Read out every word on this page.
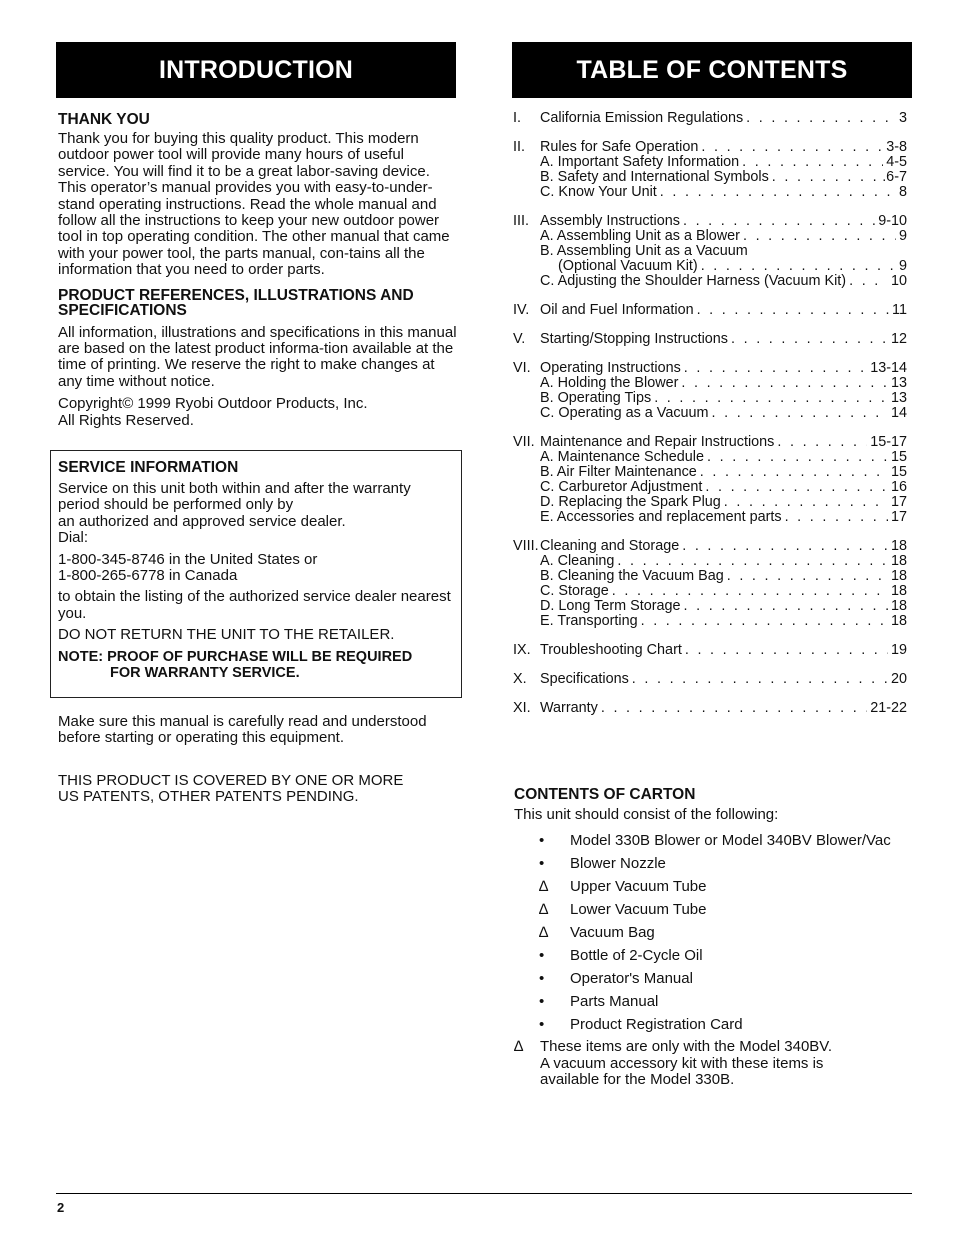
INTRODUCTION	TABLE OF CONTENTS
THANK YOU

Thank you for buying this quality product. This modern outdoor power tool will provide many hours of useful service. You will find it to be a great labor-saving device. This operator’s manual provides you with easy-to-under-stand operating instructions. Read the whole manual and follow all the instructions to keep your new outdoor power tool in top operating condition. The other manual that came with your power tool, the parts manual, con-tains all the information that you need to order parts.

PRODUCT REFERENCES, ILLUSTRATIONS AND SPECIFICATIONS

All information, illustrations and specifications in this manual are based on the latest product informa-tion available at the time of printing. We reserve the right to make changes at any time without notice.

Copyright© 1999 Ryobi Outdoor Products, Inc.
All Rights Reserved.

SERVICE INFORMATION

Service on this unit both within and after the warranty period should be performed only by
an authorized and approved service dealer.
Dial:

1-800-345-8746 in the United States or
1-800-265-6778 in Canada

to obtain the listing of the authorized service dealer nearest you.

DO NOT RETURN THE UNIT TO THE RETAILER.

NOTE: PROOF OF PURCHASE WILL BE REQUIRED
FOR WARRANTY SERVICE.

Make sure this manual is carefully read and understood before starting or operating this equipment.

THIS PRODUCT IS COVERED BY ONE OR MORE
US PATENTS, OTHER PATENTS PENDING.

I.	California Emission Regulations . . .	3
II.	Rules for Safe Operation . . .	3-8
A. Important Safety Information . . .	4-5
B. Safety and International Symbols . . .	.6-7
C. Know Your Unit . . .	8
III. Assembly Instructions . . .	9-10
A. Assembling Unit as a Blower . . .	9
B. Assembling Unit as a Vacuum
(Optional Vacuum Kit) . . .	9
C. Adjusting the Shoulder Harness (Vacuum Kit) . . .	10
IV. Oil and Fuel Information . . .	11
V.	Starting/Stopping Instructions . . .	12
VI. Operating Instructions . . .	13-14
A. Holding the Blower . . .	13
B. Operating Tips . . .	13
C. Operating as a Vacuum . . .	14
VII. Maintenance and Repair Instructions . . .	15-17
A. Maintenance Schedule . . .	15
B. Air Filter Maintenance . . .	15
C. Carburetor Adjustment . . .	16
D. Replacing the Spark Plug . . .	17
E. Accessories and replacement parts . . .	17
VIII. Cleaning and Storage . . .	18
A. Cleaning . . .	18
B. Cleaning the Vacuum Bag . . .	18
C. Storage . . .	18
D. Long Term Storage . . .	18
E. Transporting . . .	18
IX. Troubleshooting Chart . . .	19
X. Specifications . . .	20
XI. Warranty . . .	21-22
CONTENTS OF CARTON

This unit should consist of the following:

•	Model 330B Blower or Model 340BV Blower/Vac
•	Blower Nozzle
∆	Upper Vacuum Tube
∆	Lower Vacuum Tube
∆	Vacuum Bag
•	Bottle of 2-Cycle Oil
•	Operator's Manual
•	Parts Manual
•	Product Registration Card
∆	These items are only with the Model 340BV.
A vacuum accessory kit with these items is
available for the Model 330B.
2
